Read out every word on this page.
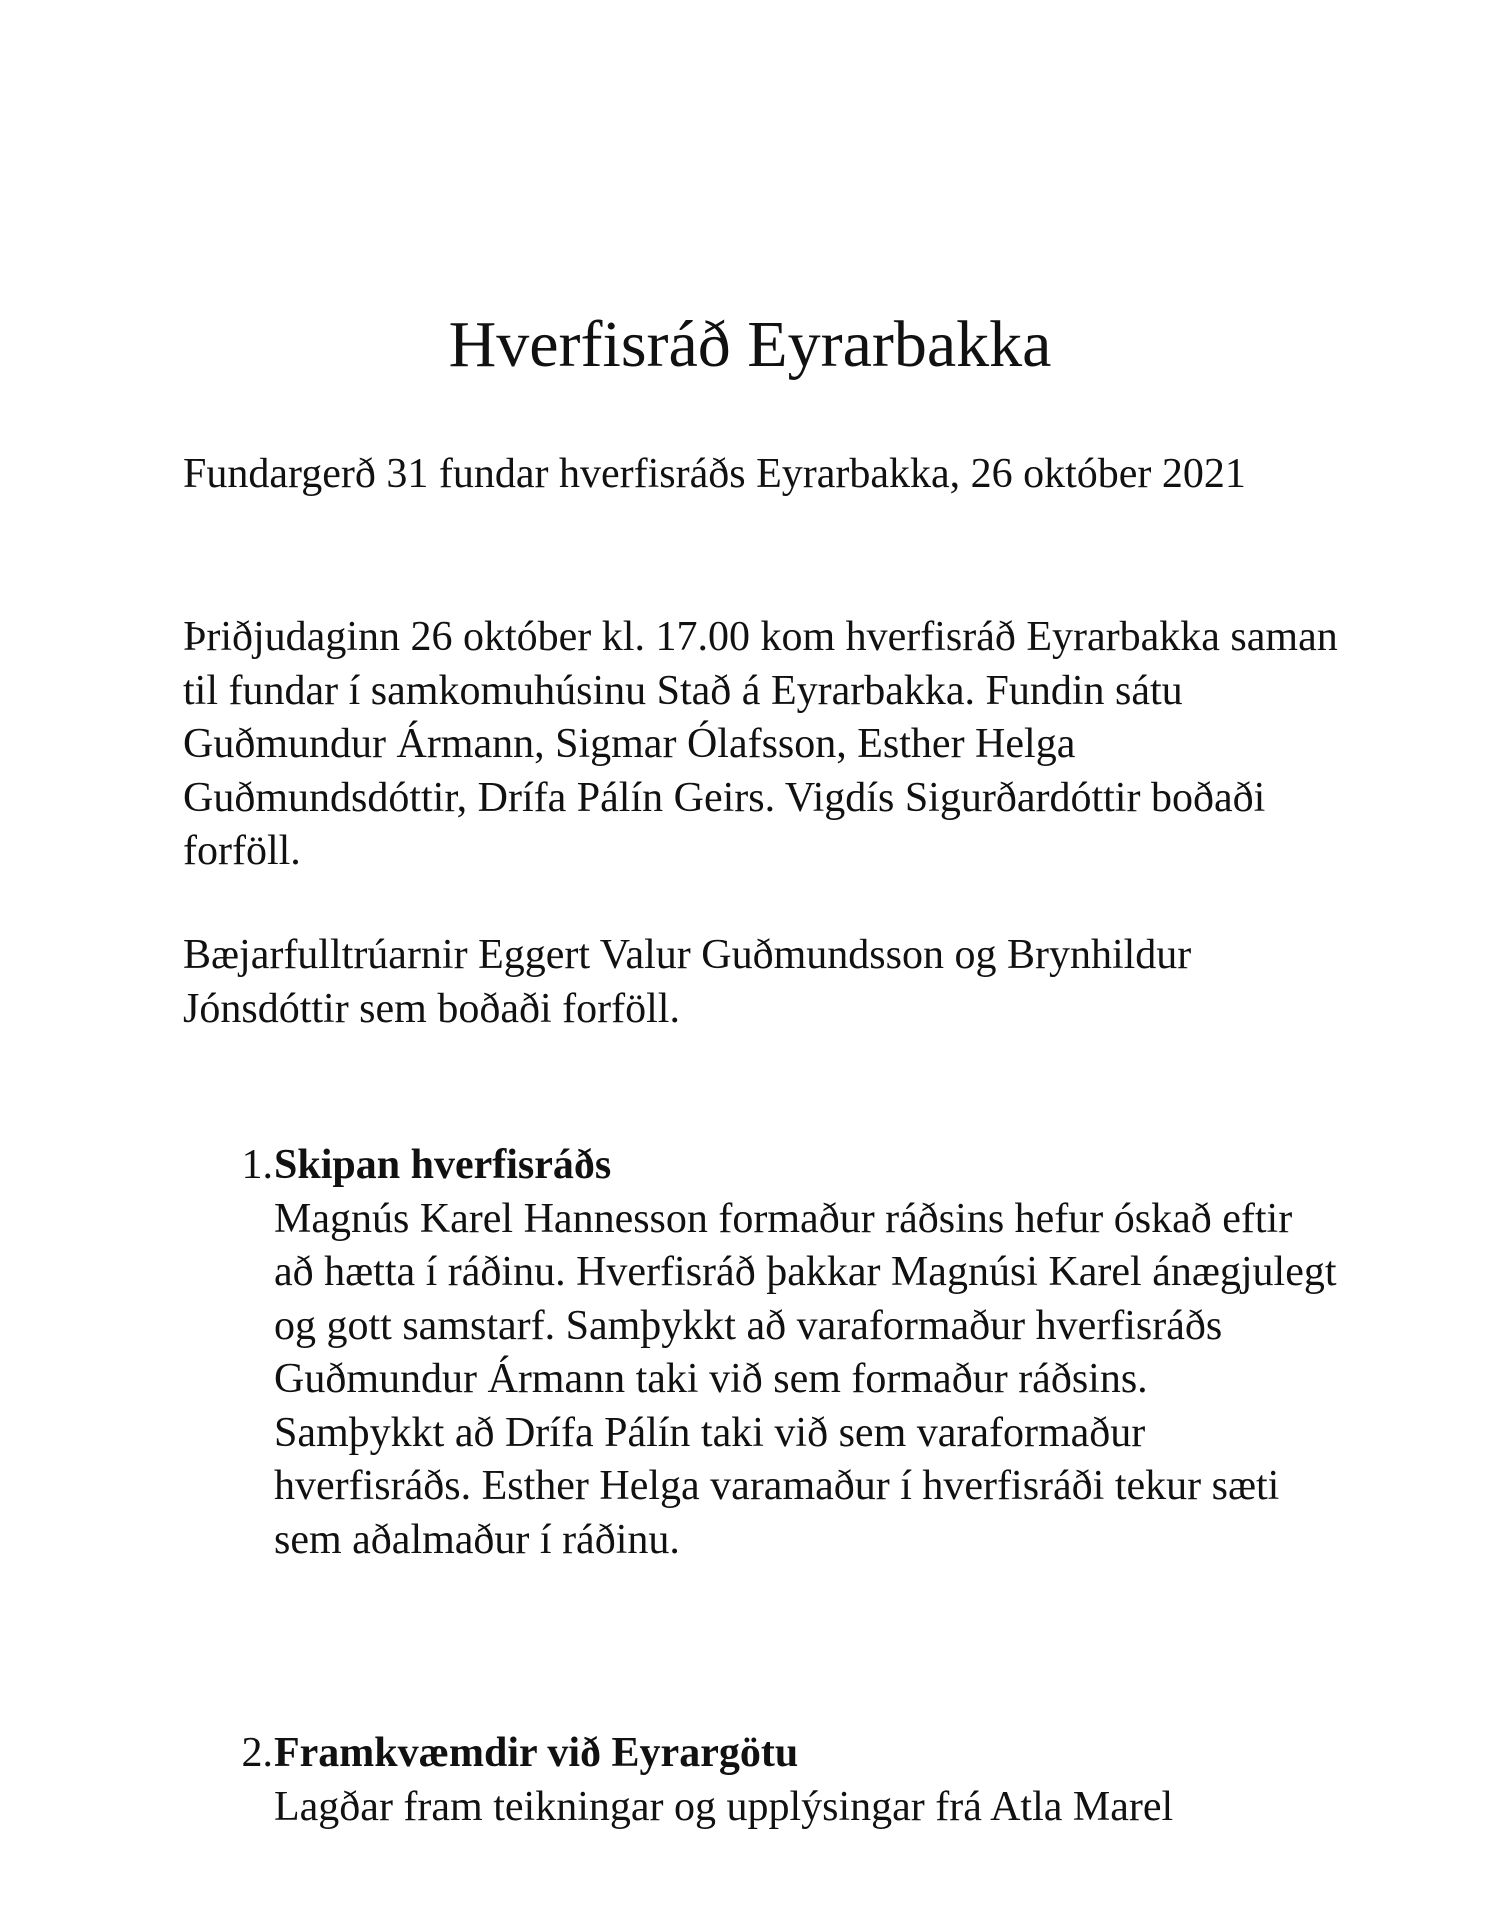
Hverfisráð Eyrarbakka

Fundargerð 31 fundar hverfisráðs Eyrarbakka, 26 október 2021

Þriðjudaginn 26 október kl. 17.00 kom hverfisráð Eyrarbakka saman til fundar í samkomuhúsinu Stað á Eyrarbakka. Fundin sátu Guðmundur Ármann, Sigmar Ólafsson, Esther Helga Guðmundsdóttir, Drífa Pálín Geirs. Vigdís Sigurðardóttir boðaði forföll.

Bæjarfulltrúarnir Eggert Valur Guðmundsson og Brynhildur Jónsdóttir sem boðaði forföll.

1. Skipan hverfisráðs
Magnús Karel Hannesson formaður ráðsins hefur óskað eftir að hætta í ráðinu. Hverfisráð þakkar Magnúsi Karel ánægjulegt og gott samstarf. Samþykkt að varaformaður hverfisráðs Guðmundur Ármann taki við sem formaður ráðsins.
Samþykkt að Drífa Pálín taki við sem varaformaður hverfisráðs. Esther Helga varamaður í hverfisráði tekur sæti sem aðalmaður í ráðinu.
2. Framkvæmdir við Eyrargötu
Lagðar fram teikningar og upplýsingar frá Atla Marel
